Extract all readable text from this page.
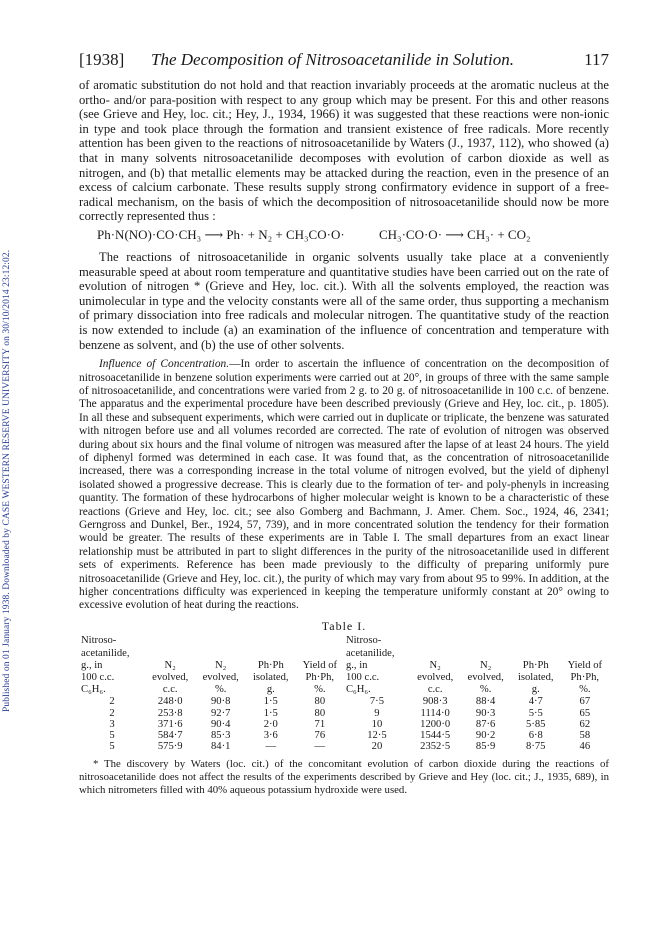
Published on 01 January 1938. Downloaded by CASE WESTERN RESERVE UNIVERSITY on 30/10/2014 23:12:02.
[1938] The Decomposition of Nitrosoacetanilide in Solution.	117

of aromatic substitution do not hold and that reaction invariably proceeds at the aromatic nucleus at the ortho- and/or para-position with respect to any group which may be present. For this and other reasons (see Grieve and Hey, loc. cit.; Hey, J., 1934, 1966) it was suggested that these reactions were non-ionic in type and took place through the formation and transient existence of free radicals. More recently attention has been given to the reactions of nitrosoacetanilide by Waters (J., 1937, 112), who showed (a) that in many solvents nitrosoacetanilide decomposes with evolution of carbon dioxide as well as nitrogen, and (b) that metallic elements may be attacked during the reaction, even in the presence of an excess of calcium carbonate. These results supply strong confirmatory evidence in support of a free-radical mechanism, on the basis of which the decomposition of nitrosoacetanilide should now be more correctly represented thus :

Ph·N(NO)·CO·CH₃ ⟶ Ph· + N₂ + CH₃CO·O·	CH₃·CO·O· ⟶ CH₃· + CO₂

The reactions of nitrosoacetanilide in organic solvents usually take place at a conveniently measurable speed at about room temperature and quantitative studies have been carried out on the rate of evolution of nitrogen * (Grieve and Hey, loc. cit.). With all the solvents employed, the reaction was unimolecular in type and the velocity constants were all of the same order, thus supporting a mechanism of primary dissociation into free radicals and molecular nitrogen. The quantitative study of the reaction is now extended to include (a) an examination of the influence of concentration and temperature with benzene as solvent, and (b) the use of other solvents.

Influence of Concentration.—In order to ascertain the influence of concentration on the decomposition of nitrosoacetanilide in benzene solution experiments were carried out at 20°, in groups of three with the same sample of nitrosoacetanilide, and concentrations were varied from 2 g. to 20 g. of nitrosoacetanilide in 100 c.c. of benzene. The apparatus and the experimental procedure have been described previously (Grieve and Hey, loc. cit., p. 1805). In all these and subsequent experiments, which were carried out in duplicate or triplicate, the benzene was saturated with nitrogen before use and all volumes recorded are corrected. The rate of evolution of nitrogen was observed during about six hours and the final volume of nitrogen was measured after the lapse of at least 24 hours. The yield of diphenyl formed was determined in each case. It was found that, as the concentration of nitrosoacetanilide increased, there was a corresponding increase in the total volume of nitrogen evolved, but the yield of diphenyl isolated showed a progressive decrease. This is clearly due to the formation of ter- and poly-phenyls in increasing quantity. The formation of these hydrocarbons of higher molecular weight is known to be a characteristic of these reactions (Grieve and Hey, loc. cit.; see also Gomberg and Bachmann, J. Amer. Chem. Soc., 1924, 46, 2341; Gerngross and Dunkel, Ber., 1924, 57, 739), and in more concentrated solution the tendency for their formation would be greater. The results of these experiments are in Table I. The small departures from an exact linear relationship must be attributed in part to slight differences in the purity of the nitrosoacetanilide used in different sets of experiments. Reference has been made previously to the difficulty of preparing uniformly pure nitrosoacetanilide (Grieve and Hey, loc. cit.), the purity of which may vary from about 95 to 99%. In addition, at the higher concentrations difficulty was experienced in keeping the temperature uniformly constant at 20° owing to excessive evolution of heat during the reactions.

Table I.
Nitroso-					Nitroso-				
acetanilide,					acetanilide,				
g., in	N₂	N₂	Ph·Ph	Yield of	g., in	N₂	N₂	Ph·Ph	Yield of
100 c.c.	evolved,	evolved,	isolated,	Ph·Ph,	100 c.c.	evolved,	evolved,	isolated,	Ph·Ph,
C₆H₆.	c.c.	%.	g.	%.	C₆H₆.	c.c.	%.	g.	%.
2	248·0	90·8	1·5	80	7·5	908·3	88·4	4·7	67
2	253·8	92·7	1·5	80	9	1114·0	90·3	5·5	65
3	371·6	90·4	2·0	71	10	1200·0	87·6	5·85	62
5	584·7	85·3	3·6	76	12·5	1544·5	90·2	6·8	58
5	575·9	84·1	—	—	20	2352·5	85·9	8·75	46
* The discovery by Waters (loc. cit.) of the concomitant evolution of carbon dioxide during the reactions of nitrosoacetanilide does not affect the results of the experiments described by Grieve and Hey (loc. cit.; J., 1935, 689), in which nitrometers filled with 40% aqueous potassium hydroxide were used.
